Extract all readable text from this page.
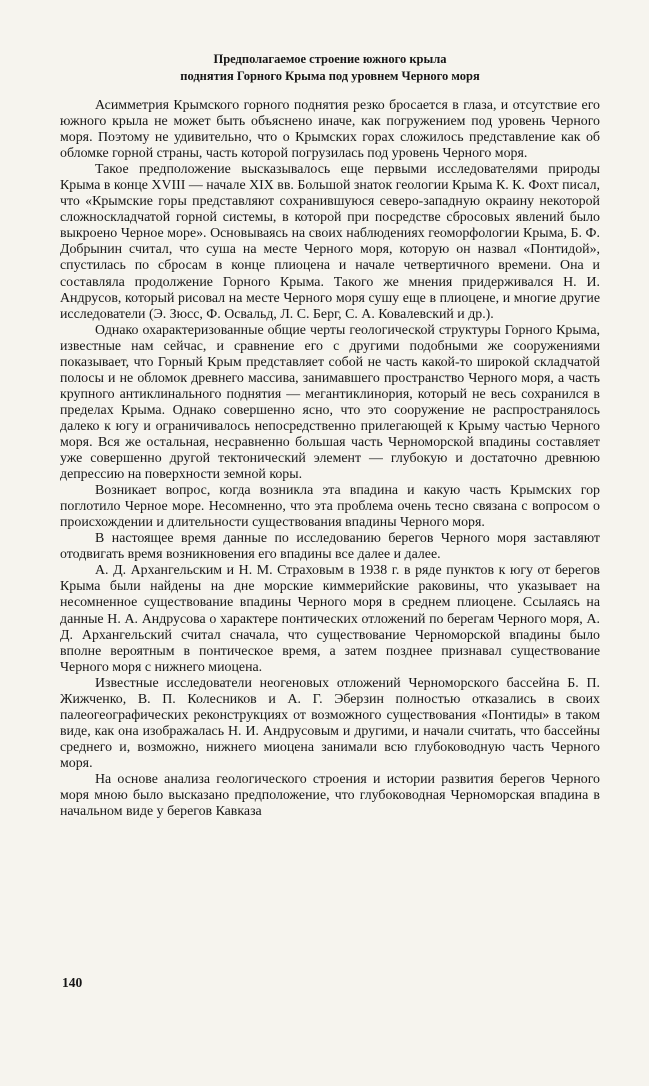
Предполагаемое строение южного крыла
поднятия Горного Крыма под уровнем Черного моря

Асимметрия Крымского горного поднятия резко бросается в глаза, и отсутствие его южного крыла не может быть объяснено иначе, как погружением под уровень Черного моря. Поэтому не удивительно, что о Крымских горах сложилось представление как об обломке горной страны, часть которой погрузилась под уровень Черного моря.

Такое предположение высказывалось еще первыми исследователями природы Крыма в конце XVIII — начале XIX вв. Большой знаток геологии Крыма К. К. Фохт писал, что «Крымские горы представляют сохранившуюся северо-западную окраину некоторой сложноскладчатой горной системы, в которой при посредстве сбросовых явлений было выкроено Черное море». Основываясь на своих наблюдениях геоморфологии Крыма, Б. Ф. Добрынин считал, что суша на месте Черного моря, которую он назвал «Понтидой», спустилась по сбросам в конце плиоцена и начале четвертичного времени. Она и составляла продолжение Горного Крыма. Такого же мнения придерживался Н. И. Андрусов, который рисовал на месте Черного моря сушу еще в плиоцене, и многие другие исследователи (Э. Зюсс, Ф. Освальд, Л. С. Берг, С. А. Ковалевский и др.).

Однако охарактеризованные общие черты геологической структуры Горного Крыма, известные нам сейчас, и сравнение его с другими подобными же сооружениями показывает, что Горный Крым представляет собой не часть какой-то широкой складчатой полосы и не обломок древнего массива, занимавшего пространство Черного моря, а часть крупного антиклинального поднятия — мегантиклинория, который не весь сохранился в пределах Крыма. Однако совершенно ясно, что это сооружение не распространялось далеко к югу и ограничивалось непосредственно прилегающей к Крыму частью Черного моря. Вся же остальная, несравненно большая часть Черноморской впадины составляет уже совершенно другой тектонический элемент — глубокую и достаточно древнюю депрессию на поверхности земной коры.

Возникает вопрос, когда возникла эта впадина и какую часть Крымских гор поглотило Черное море. Несомненно, что эта проблема очень тесно связана с вопросом о происхождении и длительности существования впадины Черного моря.

В настоящее время данные по исследованию берегов Черного моря заставляют отодвигать время возникновения его впадины все далее и далее.

А. Д. Архангельским и Н. М. Страховым в 1938 г. в ряде пунктов к югу от берегов Крыма были найдены на дне морские киммерийские раковины, что указывает на несомненное существование впадины Черного моря в среднем плиоцене. Ссылаясь на данные Н. А. Андрусова о характере понтических отложений по берегам Черного моря, А. Д. Архангельский считал сначала, что существование Черноморской впадины было вполне вероятным в понтическое время, а затем позднее признавал существование Черного моря с нижнего миоцена.

Известные исследователи неогеновых отложений Черноморского бассейна Б. П. Жижченко, В. П. Колесников и А. Г. Эберзин полностью отказались в своих палеогеографических реконструкциях от возможного существования «Понтиды» в таком виде, как она изображалась Н. И. Андрусовым и другими, и начали считать, что бассейны среднего и, возможно, нижнего миоцена занимали всю глубоководную часть Черного моря.

На основе анализа геологического строения и истории развития берегов Черного моря мною было высказано предположение, что глубоководная Черноморская впадина в начальном виде у берегов Кавказа

140
